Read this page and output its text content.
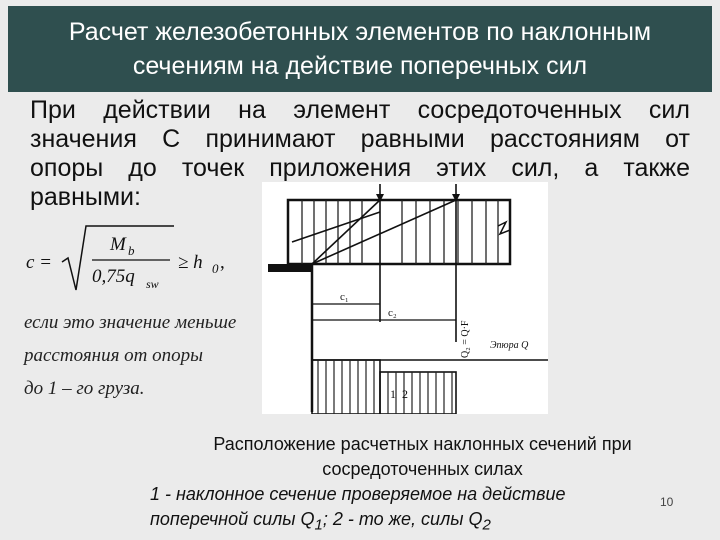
Расчет железобетонных элементов по наклонным
сечениям на действие поперечных сил
При действии на элемент сосредоточенных сил
значения С принимают равными расстояниям от
опоры до точек приложения этих сил, а также
равными:
c₁
c₂
1 2
Эпюра Q
Q₂ = Q·F
c =
M b
0,75q sw
≥ h 0 ,
если это значение меньше
расстояния от опоры
до 1 – го груза.
Расположение расчетных наклонных сечений при
сосредоточенных силах
1 - наклонное сечение проверяемое на действие
поперечной силы $Q_1$; 2 - то же, силы $Q_2$
10
